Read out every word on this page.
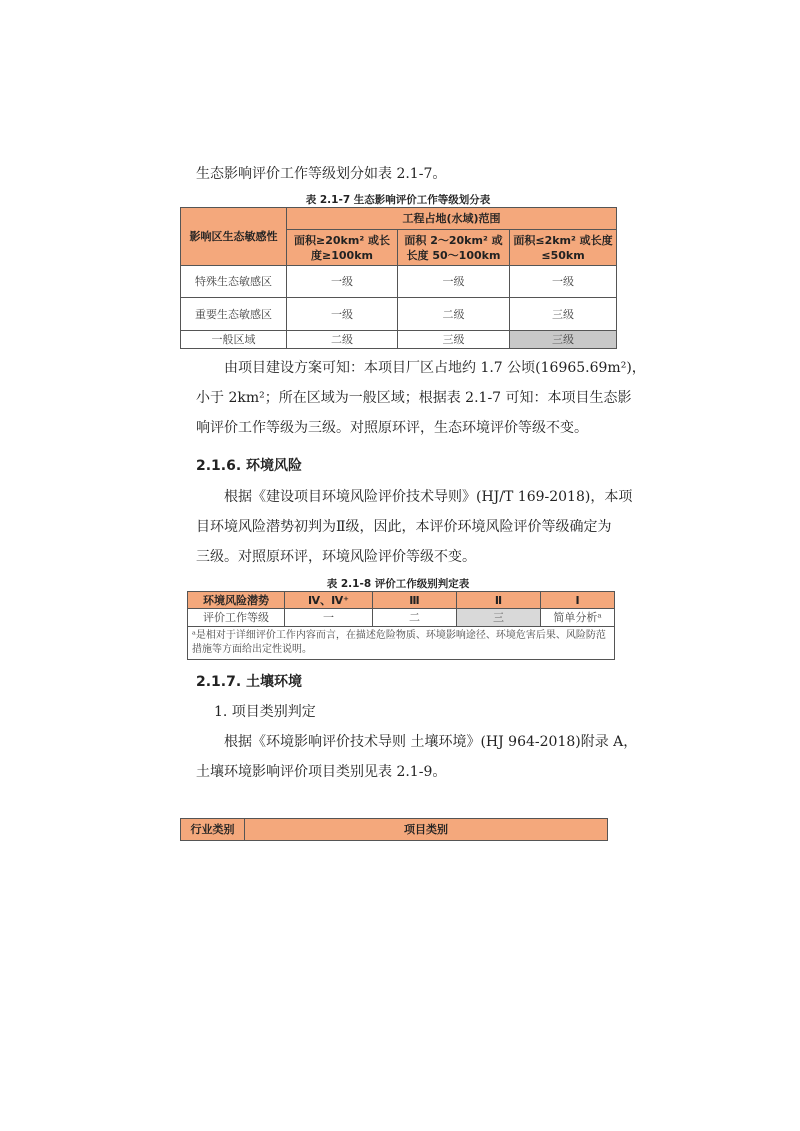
生态影响评价工作等级划分如表 2.1-7。

表 2.1-7 生态影响评价工作等级划分表
影响区生态敏感性	工程占地(水域)范围		
	面积≥20km² 或长度≥100km	面积 2～20km² 或长度 50～100km	面积≤2km² 或长度≤50km
特殊生态敏感区	一级	一级	一级
重要生态敏感区	一级	二级	三级
一般区域	二级	三级	三级

由项目建设方案可知：本项目厂区占地约 1.7 公顷(16965.69m²)，

小于 2km²；所在区域为一般区域；根据表 2.1-7 可知：本项目生态影

响评价工作等级为三级。对照原环评，生态环境评价等级不变。

2.1.6. 环境风险

根据《建设项目环境风险评价技术导则》(HJ/T 169-2018)，本项

目环境风险潜势初判为Ⅱ级，因此，本评价环境风险评价等级确定为

三级。对照原环评，环境风险评价等级不变。

表 2.1-8 评价工作级别判定表
环境风险潜势	Ⅳ、Ⅳ⁺	Ⅲ	Ⅱ	Ⅰ
评价工作等级	一	二	三	简单分析ᵃ
ᵃ是相对于详细评价工作内容而言，在描述危险物质、环境影响途径、环境危害后果、风险防范措施等方面给出定性说明。				

2.1.7. 土壤环境

1. 项目类别判定

根据《环境影响评价技术导则 土壤环境》(HJ 964-2018)附录 A，

土壤环境影响评价项目类别见表 2.1-9。

行业类别	项目类别
